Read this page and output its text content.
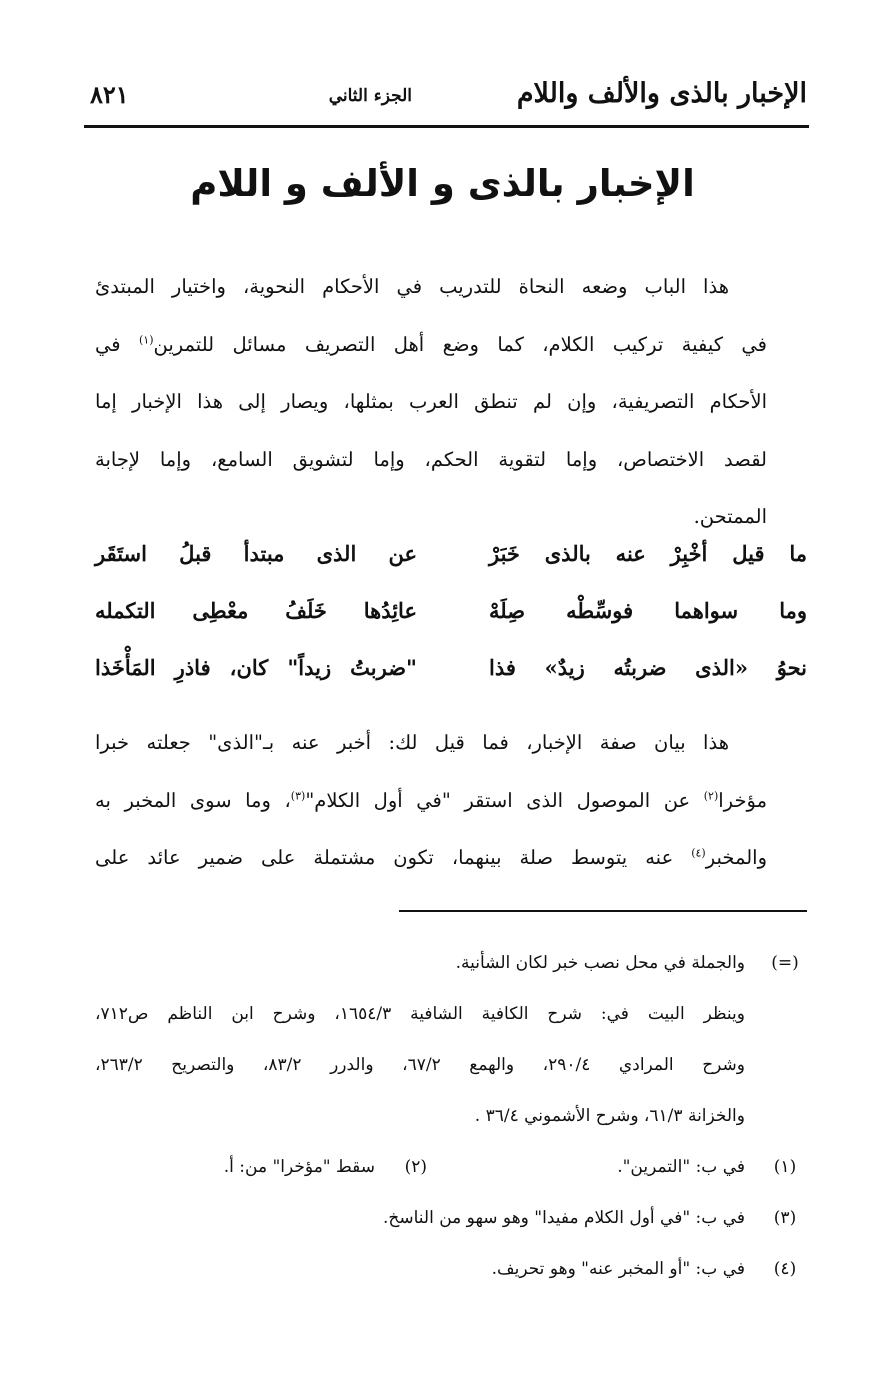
الإخبار بالذى والألف واللام
الجزء الثاني
٨٢١
الإخبار بالذى و الألف و اللام
هذا الباب وضعه النحاة للتدريب في الأحكام النحوية، واختيار المبتدئ
في كيفية تركيب الكلام، كما وضع أهل التصريف مسائل للتمرين$^{(١)}$ في
الأحكام التصريفية، وإن لم تنطق العرب بمثلها، ويصار إلى هذا الإخبار إما
لقصد الاختصاص، وإما لتقوية الحكم، وإما لتشويق السامع، وإما لإجابة
الممتحن.
ما قيل أخْبِرْ عنه بالذى خَبَرْ
عن الذى مبتدأ قبلُ استَقَر
وما سواهما فوسِّطْه صِلَهْ
عائِدُها خَلَفُ معْطِى التكمله
نحوُ «الذى ضربتُه زيدٌ» فذا
"ضربتُ زيداً" كان، فاذرِ المَأْخَذا
هذا بيان صفة الإخبار، فما قيل لك: أخبر عنه بـ"الذى" جعلته خبرا
مؤخرا$^{(٢)}$ عن الموصول الذى استقر "في أول الكلام"$^{(٣)}$، وما سوى المخبر به
والمخبر$^{(٤)}$ عنه يتوسط صلة بينهما، تكون مشتملة على ضمير عائد على
(=)
والجملة في محل نصب خبر لكان الشأنية.
وينظر البيت في: شرح الكافية الشافية ١٦٥٤/٣، وشرح ابن الناظم ص٧١٢،
وشرح المرادي ٢٩٠/٤، والهمع ٦٧/٢، والدرر ٨٣/٢، والتصريح ٢٦٣/٢،
والخزانة ٦١/٣، وشرح الأشموني ٣٦/٤ .
(١)
في ب: "التمرين".
(٢)
سقط "مؤخرا" من: أ.
(٣)
في ب: "في أول الكلام مفيدا" وهو سهو من الناسخ.
(٤)
في ب: "أو المخبر عنه" وهو تحريف.
